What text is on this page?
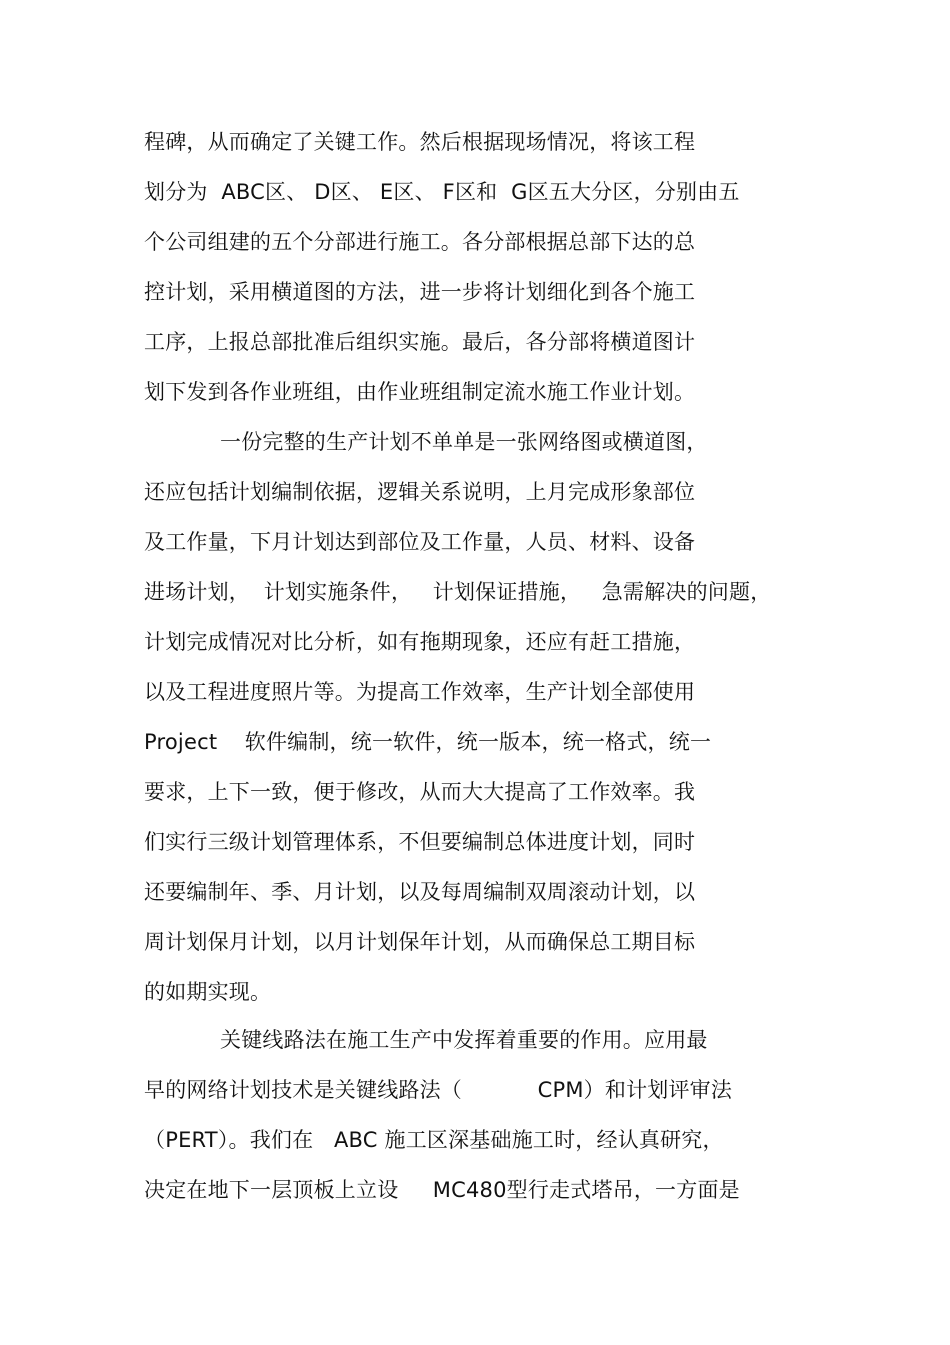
程碑，从而确定了关键工作。然后根据现场情况，将该工程
划分为  ABC区、 D区、 E区、 F区和  G区五大分区，分别由五
个公司组建的五个分部进行施工。各分部根据总部下达的总
控计划，采用横道图的方法，进一步将计划细化到各个施工
工序，上报总部批准后组织实施。最后，各分部将横道图计
划下发到各作业班组，由作业班组制定流水施工作业计划。
一份完整的生产计划不单单是一张网络图或横道图，
还应包括计划编制依据，逻辑关系说明，上月完成形象部位
及工作量，下月计划达到部位及工作量，人员、材料、设备
进场计划，  计划实施条件，   计划保证措施，   急需解决的问题，
计划完成情况对比分析，如有拖期现象，还应有赶工措施，
以及工程进度照片等。为提高工作效率，生产计划全部使用
Project    软件编制，统一软件，统一版本，统一格式，统一
要求，上下一致，便于修改，从而大大提高了工作效率。我
们实行三级计划管理体系，不但要编制总体进度计划，同时
还要编制年、季、月计划，以及每周编制双周滚动计划，以
周计划保月计划，以月计划保年计划，从而确保总工期目标
的如期实现。
关键线路法在施工生产中发挥着重要的作用。应用最
早的网络计划技术是关键线路法（           CPM）和计划评审法
（PERT）。我们在   ABC 施工区深基础施工时，经认真研究，
决定在地下一层顶板上立设     MC480型行走式塔吊，一方面是
